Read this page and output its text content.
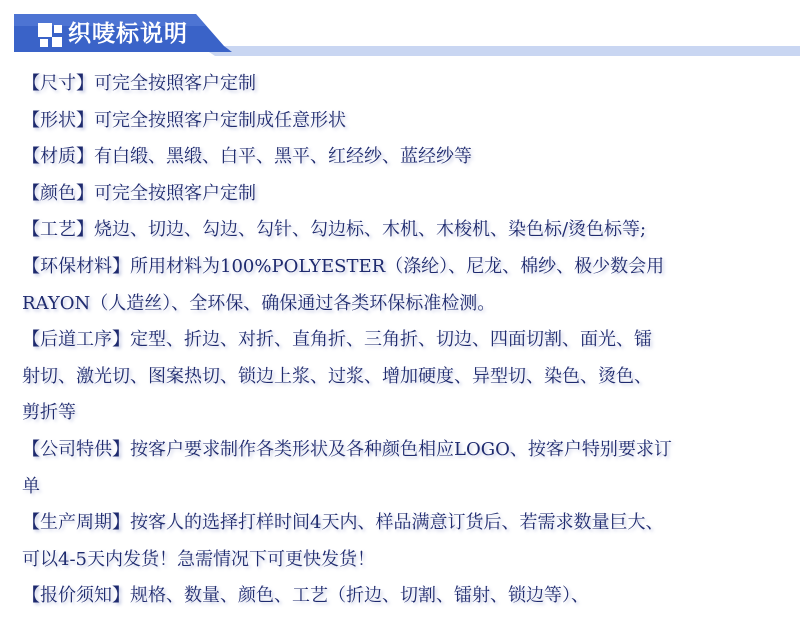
织唛标说明
【尺寸】可完全按照客户定制
【形状】可完全按照客户定制成任意形状
【材质】有白缎、黑缎、白平、黑平、红经纱、蓝经纱等
【颜色】可完全按照客户定制
【工艺】烧边、切边、勾边、勾针、勾边标、木机、木梭机、染色标/烫色标等;
【环保材料】所用材料为100%POLYESTER（涤纶）、尼龙、棉纱、极少数会用
RAYON（人造丝）、全环保、确保通过各类环保标准检测。
【后道工序】定型、折边、对折、直角折、三角折、切边、四面切割、面光、镭
射切、激光切、图案热切、锁边上浆、过浆、增加硬度、异型切、染色、烫色、
剪折等
【公司特供】按客户要求制作各类形状及各种颜色相应LOGO、按客户特别要求订
单
【生产周期】按客人的选择打样时间4天内、样品满意订货后、若需求数量巨大、
可以4-5天内发货！急需情况下可更快发货！
【报价须知】规格、数量、颜色、工艺（折边、切割、镭射、锁边等）、
